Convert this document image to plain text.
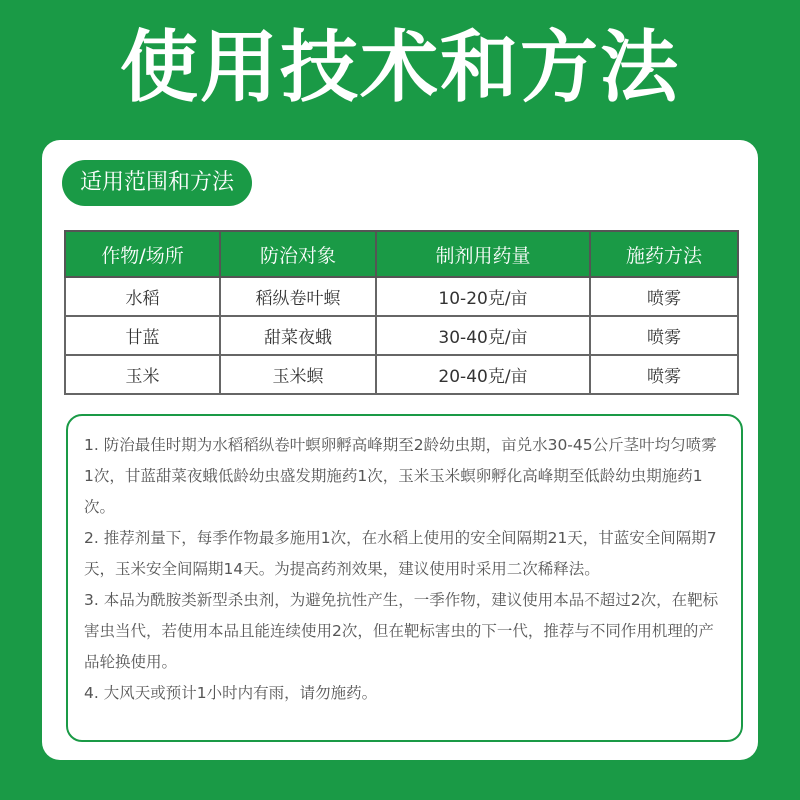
使用技术和方法
适用范围和方法
作物/场所	防治对象	制剂用药量	施药方法
水稻	稻纵卷叶螟	10-20克/亩	喷雾
甘蓝	甜菜夜蛾	30-40克/亩	喷雾
玉米	玉米螟	20-40克/亩	喷雾

1. 防治最佳时期为水稻稻纵卷叶螟卵孵高峰期至2龄幼虫期，亩兑水30-45公斤茎叶均匀喷雾1次，甘蓝甜菜夜蛾低龄幼虫盛发期施药1次，玉米玉米螟卵孵化高峰期至低龄幼虫期施药1次。

2. 推荐剂量下，每季作物最多施用1次，在水稻上使用的安全间隔期21天，甘蓝安全间隔期7天，玉米安全间隔期14天。为提高药剂效果，建议使用时采用二次稀释法。

3. 本品为酰胺类新型杀虫剂，为避免抗性产生，一季作物，建议使用本品不超过2次，在靶标害虫当代，若使用本品且能连续使用2次，但在靶标害虫的下一代，推荐与不同作用机理的产品轮换使用。

4. 大风天或预计1小时内有雨，请勿施药。
